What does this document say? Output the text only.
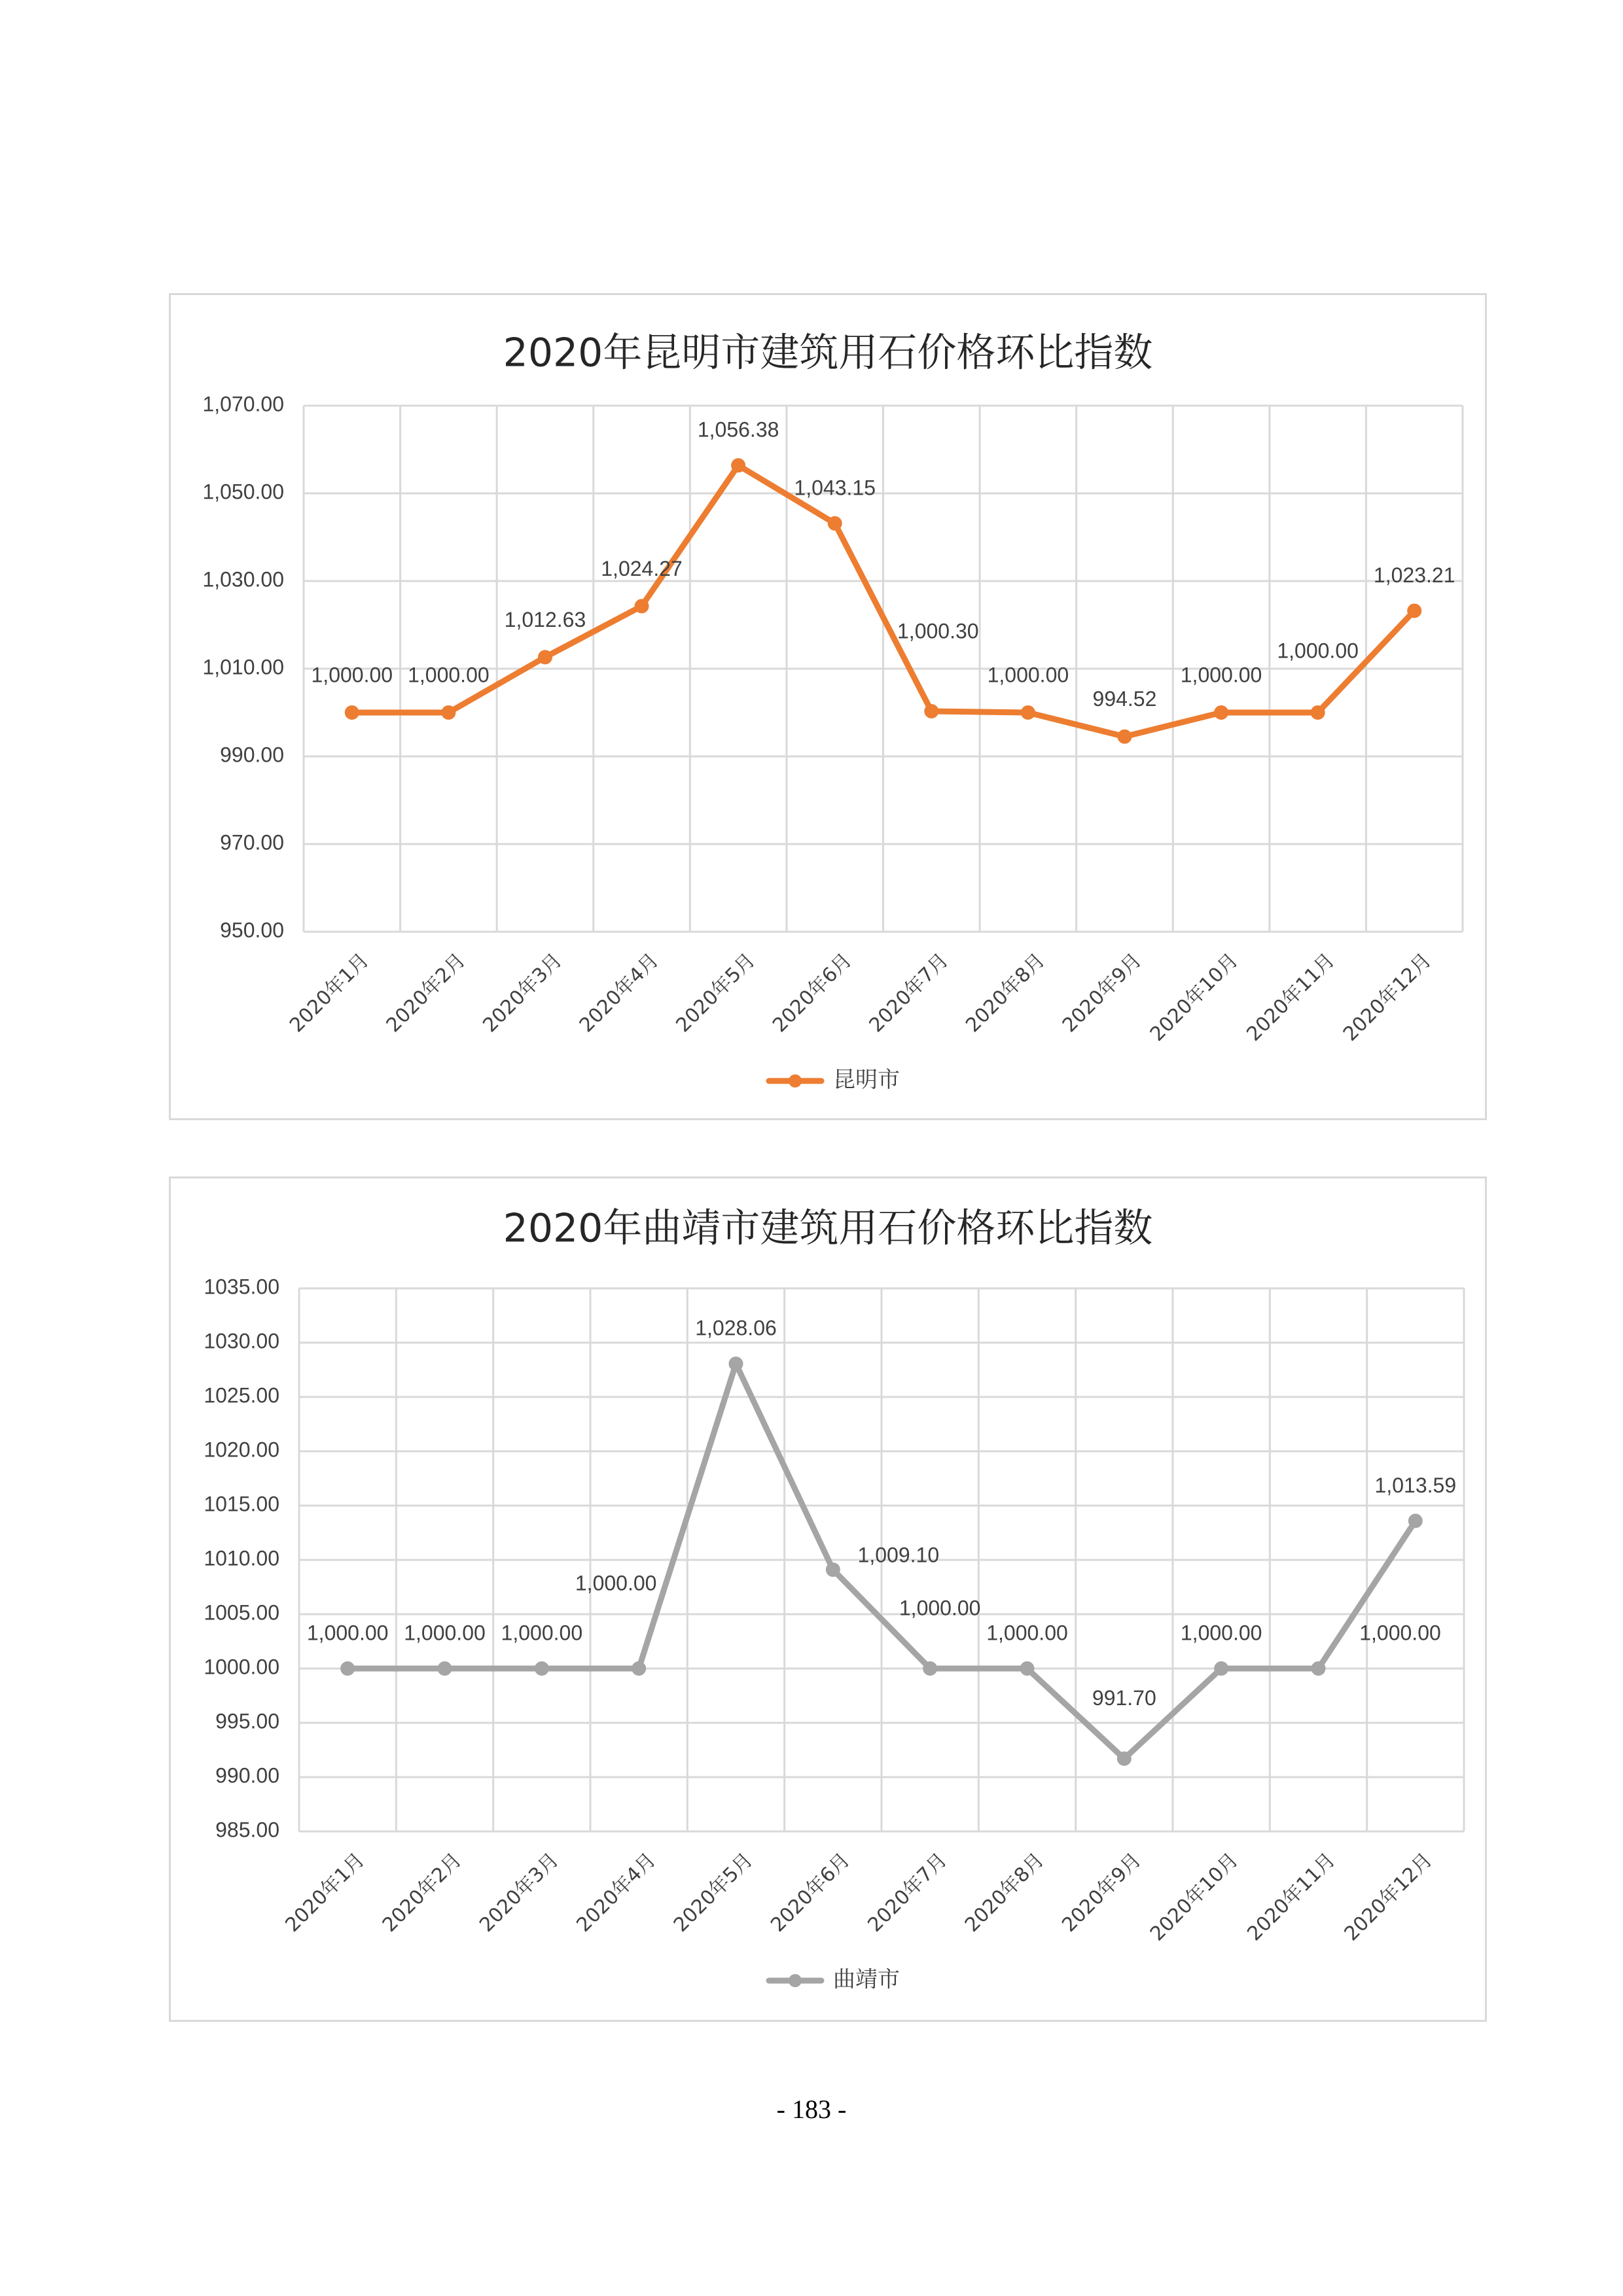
2020年昆明市建筑用石价格环比指数
950.00
970.00
990.00
1,010.00
1,030.00
1,050.00
1,070.00
2020年1月 2020年2月 2020年3月 2020年4月 2020年5月 2020年6月 2020年7月 2020年8月 2020年9月 2020年10月 2020年11月 2020年12月
1,000.00 1,000.00
1,012.63
1,024.27
1,056.38
1,043.15
1,000.30
1,000.00
994.52
1,000.00
1,000.00
1,023.21
昆明市
2020年曲靖市建筑用石价格环比指数
985.00
990.00
995.00
1000.00
1005.00
1010.00
1015.00
1020.00
1025.00
1030.00
1035.00
2020年1月 2020年2月 2020年3月 2020年4月 2020年5月 2020年6月 2020年7月 2020年8月 2020年9月 2020年10月 2020年11月 2020年12月
1,000.00 1,000.00 1,000.00
1,000.00
1,028.06
1,009.10
1,000.00
1,000.00
991.70
1,000.00	1,000.00
1,013.59
曲靖市
- 183 -
